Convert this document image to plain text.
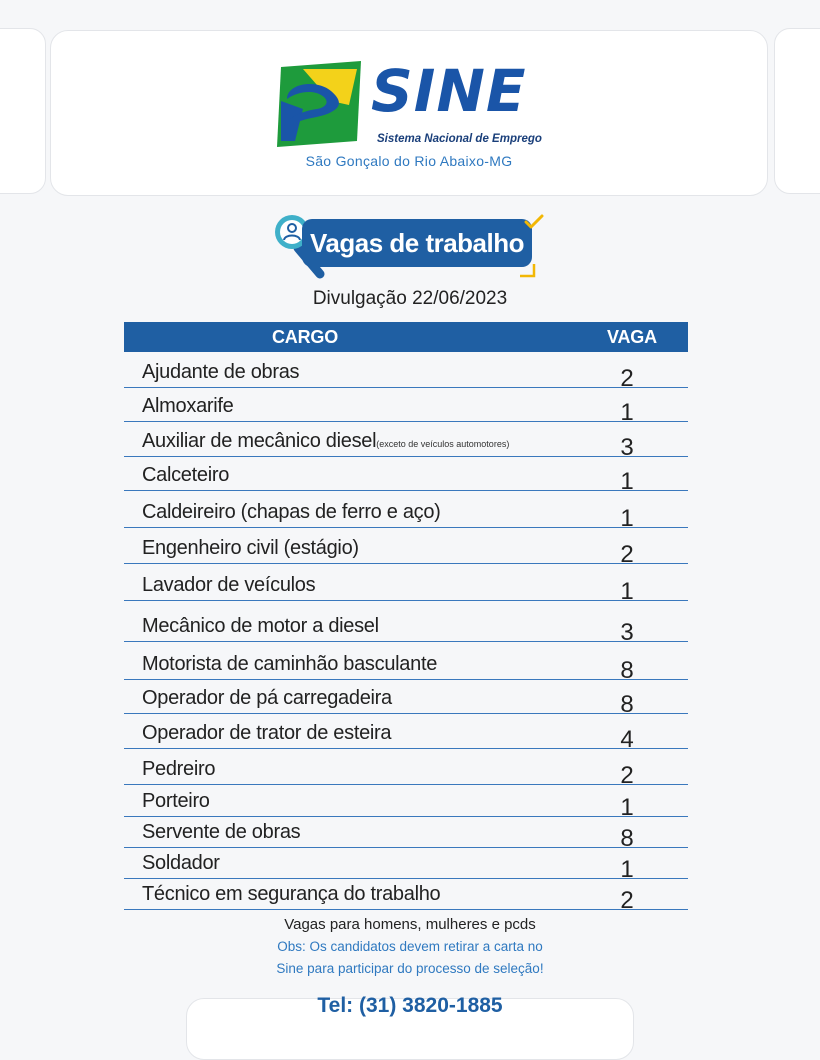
SINE
Sistema Nacional de Emprego
São Gonçalo do Rio Abaixo-MG
Vagas de trabalho
Divulgação 22/06/2023
CARGO	VAGA
Ajudante de obras	2
Almoxarife	1
Auxiliar de mecânico diesel(exceto de veículos automotores)	3
Calceteiro	1
Caldeireiro (chapas de ferro e aço)	1
Engenheiro civil (estágio)	2
Lavador de veículos	1
Mecânico de motor a diesel	3
Motorista de caminhão basculante	8
Operador de pá carregadeira	8
Operador de trator de esteira	4
Pedreiro	2
Porteiro	1
Servente de obras	8
Soldador	1
Técnico em segurança do trabalho	2
Vagas para homens, mulheres e pcds
Obs: Os candidatos devem retirar a carta no
Sine para participar do processo de seleção!
Tel: (31) 3820-1885
